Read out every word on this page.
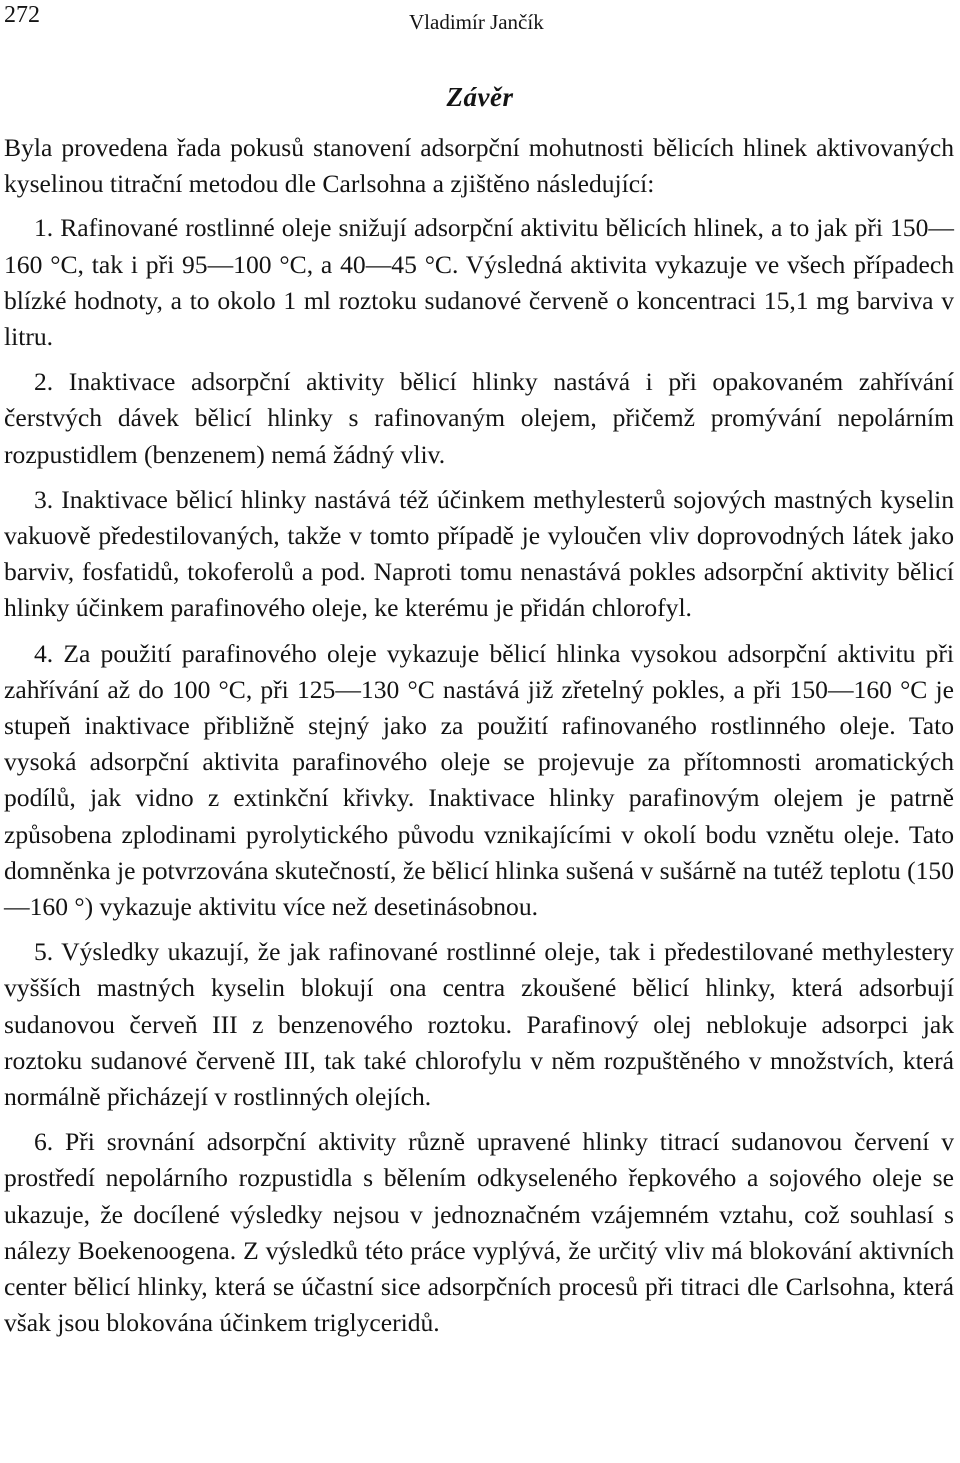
272	Vladimír Jančík
Závěr

Byla provedena řada pokusů stanovení adsorpční mohutnosti bělicích hlinek aktivovaných kyselinou titrační metodou dle Carlsohna a zjištěno následující:

1. Rafinované rostlinné oleje snižují adsorpční aktivitu bělicích hlinek, a to jak při 150—160 °C, tak i při 95—100 °C, a 40—45 °C. Výsledná aktivita vykazuje ve všech případech blízké hodnoty, a to okolo 1 ml roztoku sudanové červeně o koncentraci 15,1 mg barviva v litru.

2. Inaktivace adsorpční aktivity bělicí hlinky nastává i při opakovaném zahřívání čerstvých dávek bělicí hlinky s rafinovaným olejem, přičemž promývání nepolárním rozpustidlem (benzenem) nemá žádný vliv.

3. Inaktivace bělicí hlinky nastává též účinkem methylesterů sojových mastných kyselin vakuově předestilovaných, takže v tomto případě je vyloučen vliv doprovodných látek jako barviv, fosfatidů, tokoferolů a pod. Naproti tomu nenastává pokles adsorpční aktivity bělicí hlinky účinkem parafinového oleje, ke kterému je přidán chlorofyl.

4. Za použití parafinového oleje vykazuje bělicí hlinka vysokou adsorpční aktivitu při zahřívání až do 100 °C, při 125—130 °C nastává již zřetelný pokles, a při 150—160 °C je stupeň inaktivace přibližně stejný jako za použití rafinovaného rostlinného oleje. Tato vysoká adsorpční aktivita parafinového oleje se projevuje za přítomnosti aromatických podílů, jak vidno z extinkční křivky. Inaktivace hlinky parafinovým olejem je patrně způsobena zplodinami pyrolytického původu vznikajícími v okolí bodu vznětu oleje. Tato domněnka je potvrzována skutečností, že bělicí hlinka sušená v sušárně na tutéž teplotu (150—160 °) vykazuje aktivitu více než desetinásobnou.

5. Výsledky ukazují, že jak rafinované rostlinné oleje, tak i předestilované methylestery vyšších mastných kyselin blokují ona centra zkoušené bělicí hlinky, která adsorbují sudanovou červeň III z benzenového roztoku. Parafinový olej neblokuje adsorpci jak roztoku sudanové červeně III, tak také chlorofylu v něm rozpuštěného v množstvích, která normálně přicházejí v rostlinných olejích.

6. Při srovnání adsorpční aktivity různě upravené hlinky titrací sudanovou červení v prostředí nepolárního rozpustidla s bělením odkyseleného řepkového a sojového oleje se ukazuje, že docílené výsledky nejsou v jednoznačném vzájemném vztahu, což souhlasí s nálezy Boekenoogena. Z výsledků této práce vyplývá, že určitý vliv má blokování aktivních center bělicí hlinky, která se účastní sice adsorpčních procesů při titraci dle Carlsohna, která však jsou blokována účinkem triglyceridů.
